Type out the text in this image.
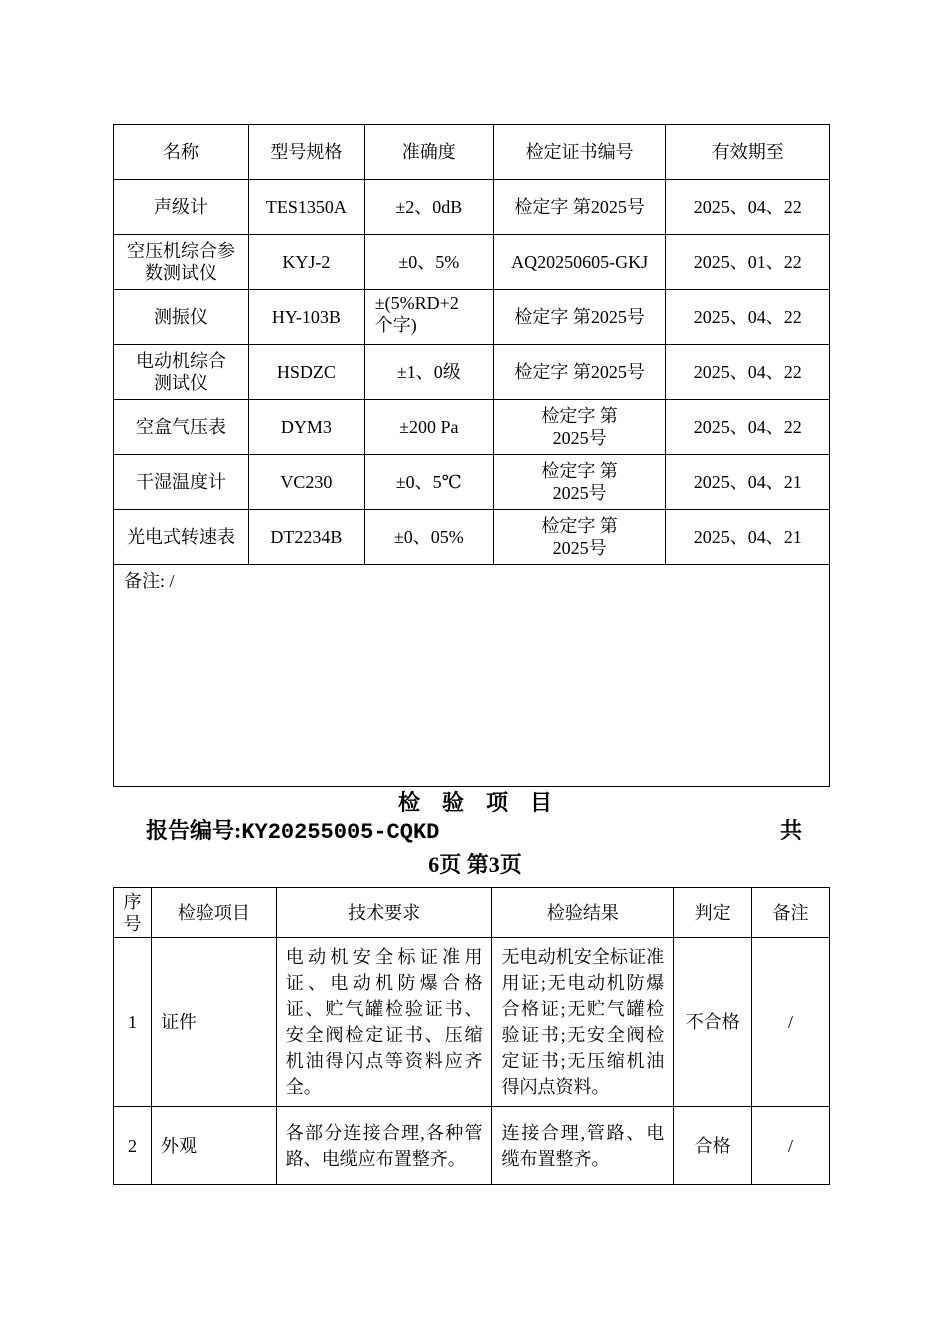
名称	型号规格	准确度	检定证书编号	有效期至
声级计	TES1350A	±2、0dB	检定字 第2025号	2025、04、22

空压机综合参数测试仪	KYJ-2	±0、5%	AQ20250605-GKJ	2025、01、22
测振仪	HY-103B	±(5%RD+2个字)	检定字 第2025号	2025、04、22

电动机综合测试仪	HSDZC	±1、0级	检定字 第2025号	2025、04、22
空盒气压表	DYM3	±200 Pa	检定字 第2025号	2025、04、22
干湿温度计	VC230	±0、5℃	检定字 第2025号	2025、04、21
光电式转速表	DT2234B	±0、05%	检定字 第2025号	2025、04、21
备注: /				
检验项目
报告编号:KY20255005-CQKD	共
6页 第3页
序号	检验项目	技术要求	检验结果	判定	备注
1	证件	电动机安全标证准用证、电动机防爆合格证、贮气罐检验证书、安全阀检定证书、压缩机油得闪点等资料应齐全。	无电动机安全标证准用证;无电动机防爆合格证;无贮气罐检验证书;无安全阀检定证书;无压缩机油得闪点资料。	不合格	/
2	外观	各部分连接合理,各种管路、电缆应布置整齐。	连接合理,管路、电缆布置整齐。	合格	/
